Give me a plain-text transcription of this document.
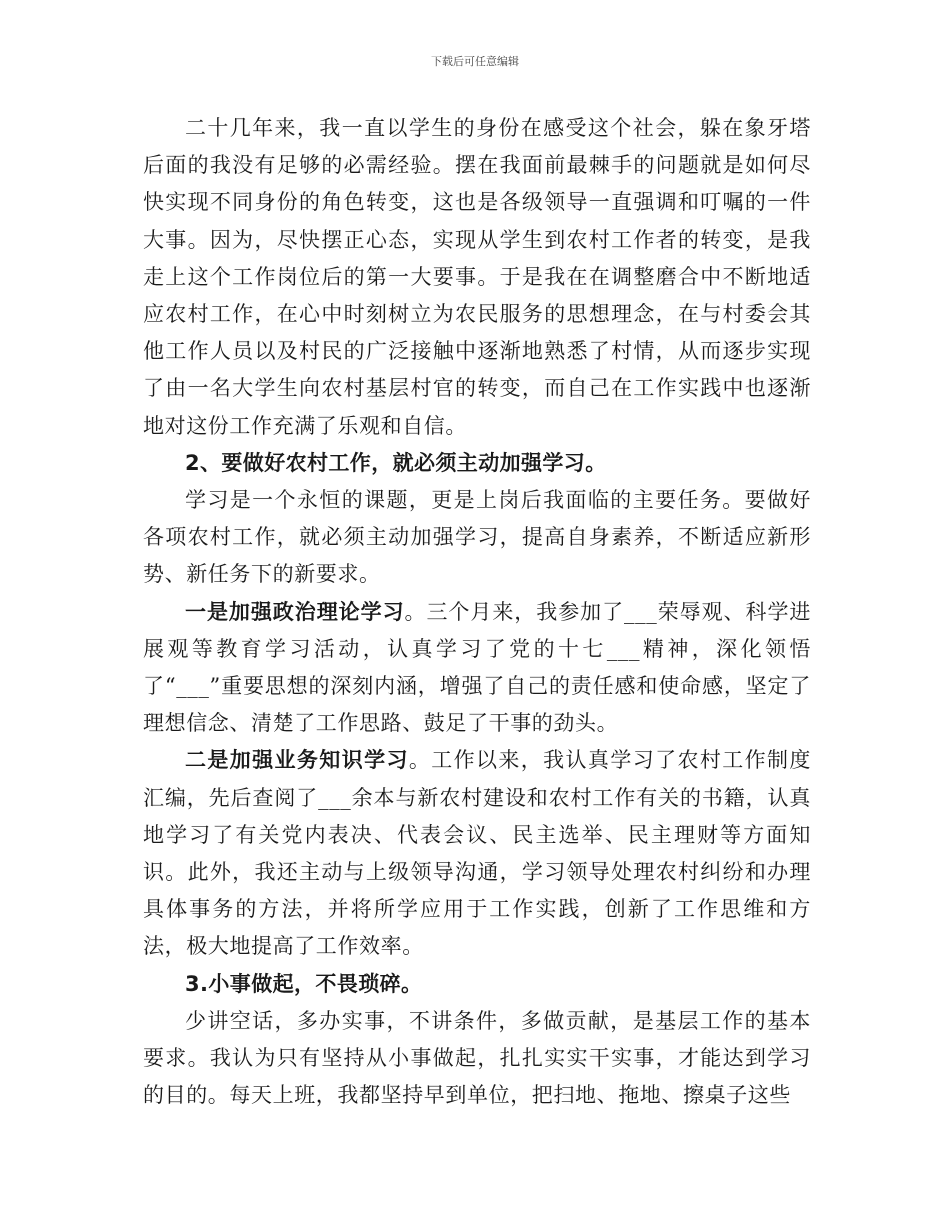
下载后可任意编辑

二十几年来，我一直以学生的身份在感受这个社会，躲在象牙塔后面的我没有足够的必需经验。摆在我面前最棘手的问题就是如何尽快实现不同身份的角色转变，这也是各级领导一直强调和叮嘱的一件大事。因为，尽快摆正心态，实现从学生到农村工作者的转变，是我走上这个工作岗位后的第一大要事。于是我在在调整磨合中不断地适应农村工作，在心中时刻树立为农民服务的思想理念，在与村委会其他工作人员以及村民的广泛接触中逐渐地熟悉了村情，从而逐步实现了由一名大学生向农村基层村官的转变，而自己在工作实践中也逐渐地对这份工作充满了乐观和自信。

2、要做好农村工作，就必须主动加强学习。

学习是一个永恒的课题，更是上岗后我面临的主要任务。要做好各项农村工作，就必须主动加强学习，提高自身素养，不断适应新形势、新任务下的新要求。

一是加强政治理论学习。三个月来，我参加了___荣辱观、科学进展观等教育学习活动，认真学习了党的十七___精神，深化领悟了“___”重要思想的深刻内涵，增强了自己的责任感和使命感，坚定了理想信念、清楚了工作思路、鼓足了干事的劲头。

二是加强业务知识学习。工作以来，我认真学习了农村工作制度汇编，先后查阅了___余本与新农村建设和农村工作有关的书籍，认真地学习了有关党内表决、代表会议、民主选举、民主理财等方面知识。此外，我还主动与上级领导沟通，学习领导处理农村纠纷和办理具体事务的方法，并将所学应用于工作实践，创新了工作思维和方法，极大地提高了工作效率。

3.小事做起，不畏琐碎。

少讲空话，多办实事，不讲条件，多做贡献，是基层工作的基本要求。我认为只有坚持从小事做起，扎扎实实干实事，才能达到学习的目的。每天上班，我都坚持早到单位，把扫地、拖地、擦桌子这些
